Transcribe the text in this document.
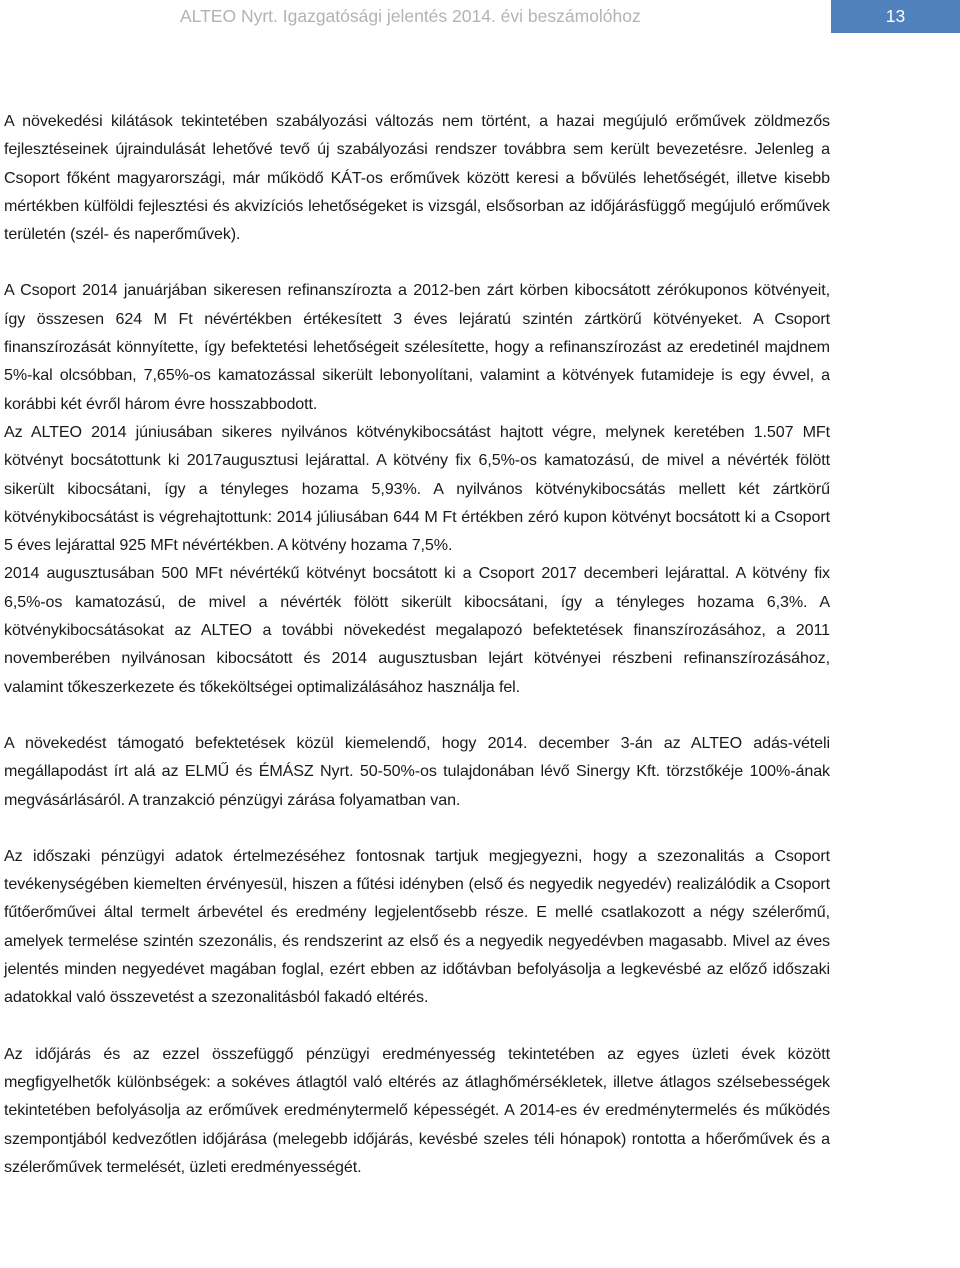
ALTEO Nyrt. Igazgatósági jelentés 2014. évi beszámolóhoz	13

A növekedési kilátások tekintetében szabályozási változás nem történt, a hazai megújuló erőművek zöldmezős fejlesztéseinek újraindulását lehetővé tevő új szabályozási rendszer továbbra sem került bevezetésre. Jelenleg a Csoport főként magyarországi, már működő KÁT-os erőművek között keresi a bővülés lehetőségét, illetve kisebb mértékben külföldi fejlesztési és akvizíciós lehetőségeket is vizsgál, elsősorban az időjárásfüggő megújuló erőművek területén (szél- és naperőművek).

A Csoport 2014 januárjában sikeresen refinanszírozta a 2012-ben zárt körben kibocsátott zérókuponos kötvényeit, így összesen 624 M Ft névértékben értékesített 3 éves lejáratú szintén zártkörű kötvényeket. A Csoport finanszírozását könnyítette, így befektetési lehetőségeit szélesítette, hogy a refinanszírozást az eredetinél majdnem 5%-kal olcsóbban, 7,65%-os kamatozással sikerült lebonyolítani, valamint a kötvények futamideje is egy évvel, a korábbi két évről három évre hosszabbodott.

Az ALTEO 2014 júniusában sikeres nyilvános kötvénykibocsátást hajtott végre, melynek keretében 1.507 MFt kötvényt bocsátottunk ki 2017augusztusi lejárattal. A kötvény fix 6,5%-os kamatozású, de mivel a névérték fölött sikerült kibocsátani, így a tényleges hozama 5,93%. A nyilvános kötvénykibocsátás mellett két zártkörű kötvénykibocsátást is végrehajtottunk: 2014 júliusában 644 M Ft értékben zéró kupon kötvényt bocsátott ki a Csoport 5 éves lejárattal 925 MFt névértékben. A kötvény hozama 7,5%.

2014 augusztusában 500 MFt névértékű kötvényt bocsátott ki a Csoport 2017 decemberi lejárattal. A kötvény fix 6,5%-os kamatozású, de mivel a névérték fölött sikerült kibocsátani, így a tényleges hozama 6,3%. A kötvénykibocsátásokat az ALTEO a további növekedést megalapozó befektetések finanszírozásához, a 2011 novemberében nyilvánosan kibocsátott és 2014 augusztusban lejárt kötvényei részbeni refinanszírozásához, valamint tőkeszerkezete és tőkeköltségei optimalizálásához használja fel.

A növekedést támogató befektetések közül kiemelendő, hogy 2014. december 3-án az ALTEO adás-vételi megállapodást írt alá az ELMŰ és ÉMÁSZ Nyrt. 50-50%-os tulajdonában lévő Sinergy Kft. törzstőkéje 100%-ának megvásárlásáról. A tranzakció pénzügyi zárása folyamatban van.

Az időszaki pénzügyi adatok értelmezéséhez fontosnak tartjuk megjegyezni, hogy a szezonalitás a Csoport tevékenységében kiemelten érvényesül, hiszen a fűtési idényben (első és negyedik negyedév) realizálódik a Csoport fűtőerőművei által termelt árbevétel és eredmény legjelentősebb része. E mellé csatlakozott a négy szélerőmű, amelyek termelése szintén szezonális, és rendszerint az első és a negyedik negyedévben magasabb. Mivel az éves jelentés minden negyedévet magában foglal, ezért ebben az időtávban befolyásolja a legkevésbé az előző időszaki adatokkal való összevetést a szezonalitásból fakadó eltérés.

Az időjárás és az ezzel összefüggő pénzügyi eredményesség tekintetében az egyes üzleti évek között megfigyelhetők különbségek: a sokéves átlagtól való eltérés az átlaghőmérsékletek, illetve átlagos szélsebességek tekintetében befolyásolja az erőművek eredménytermelő képességét. A 2014-es év eredménytermelés és működés szempontjából kedvezőtlen időjárása (melegebb időjárás, kevésbé szeles téli hónapok) rontotta a hőerőművek és a szélerőművek termelését, üzleti eredményességét.
